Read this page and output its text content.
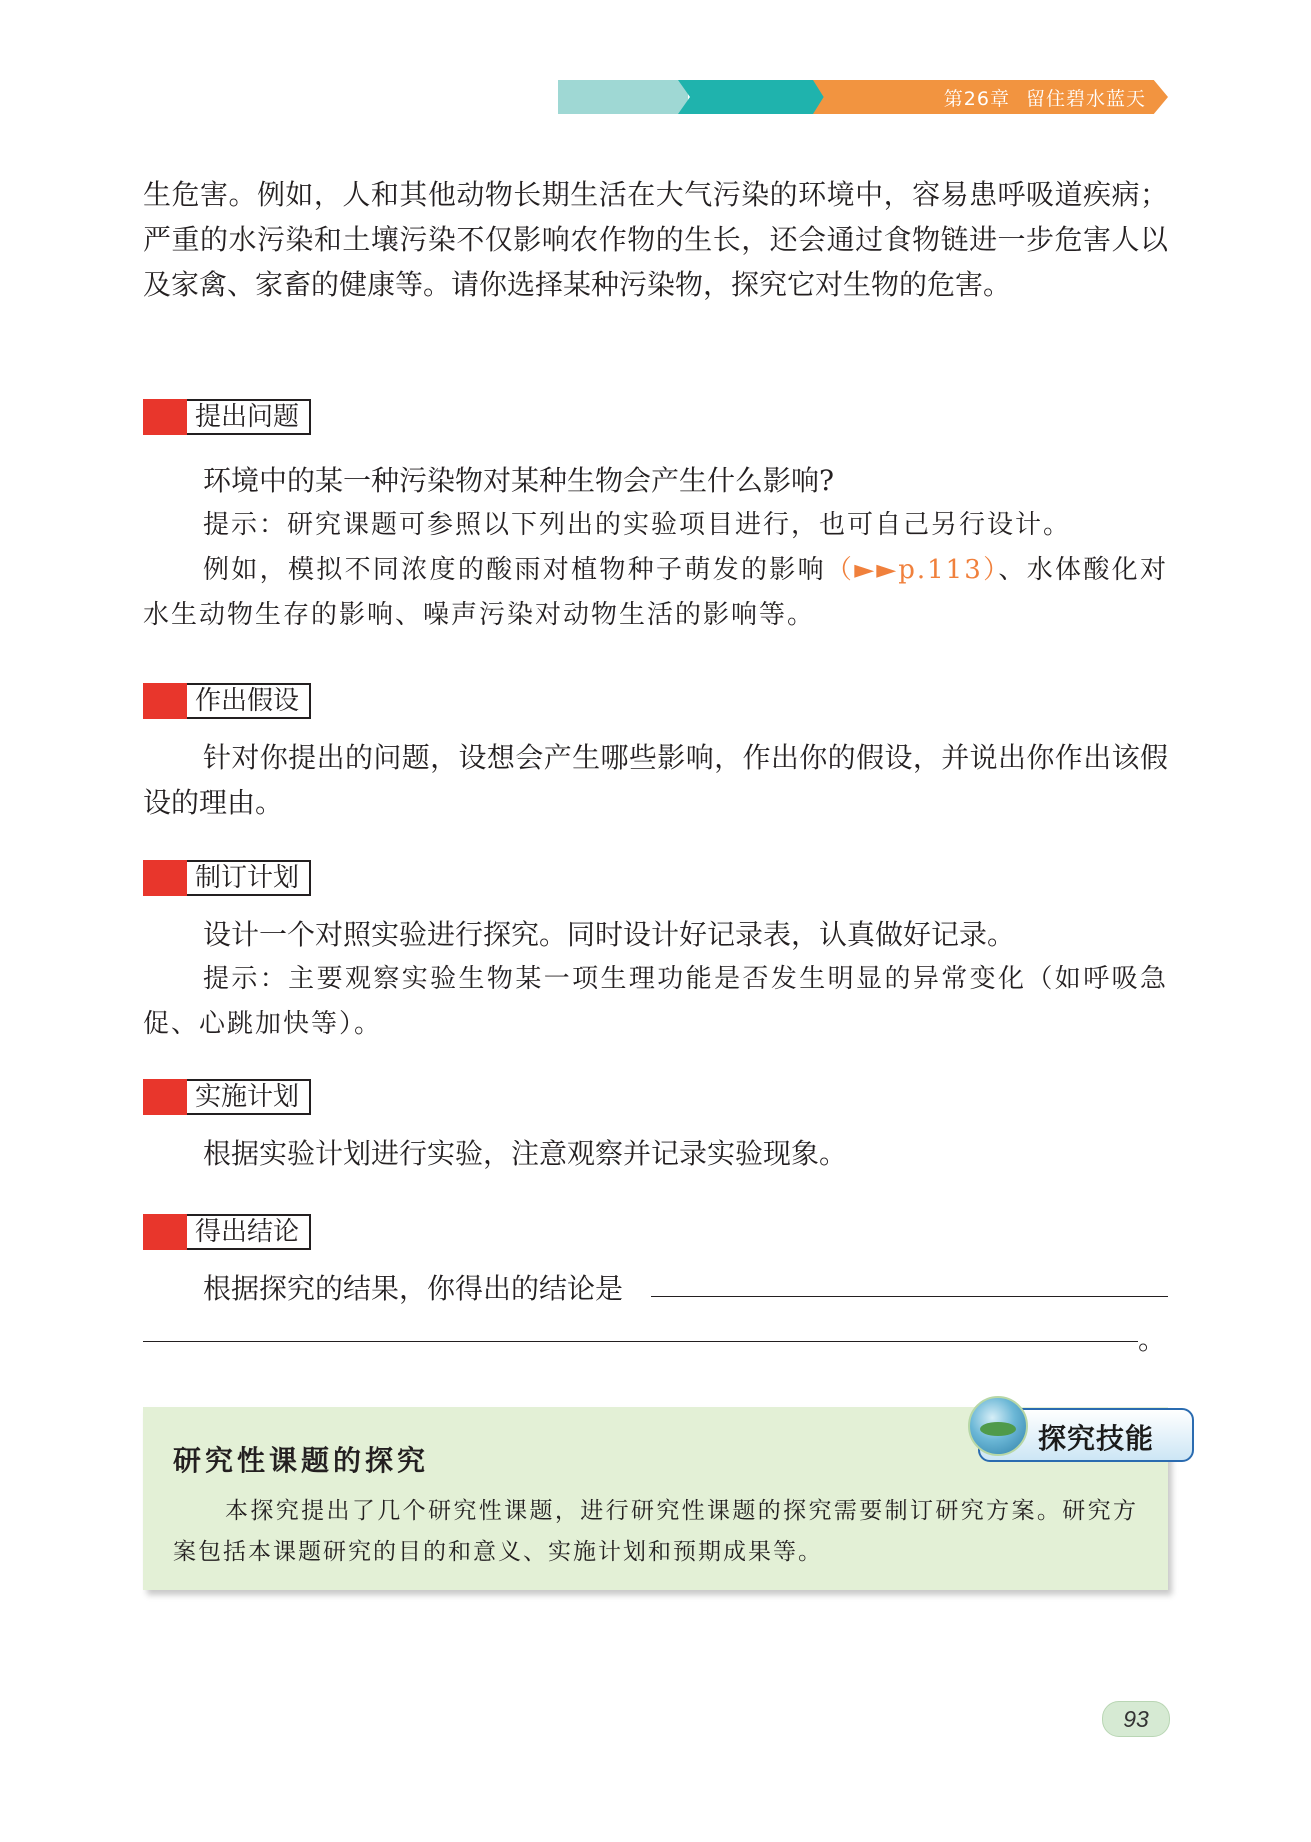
第26章 留住碧水蓝天

生危害。例如，人和其他动物长期生活在大气污染的环境中，容易患呼吸道疾病；严重的水污染和土壤污染不仅影响农作物的生长，还会通过食物链进一步危害人以及家禽、家畜的健康等。请你选择某种污染物，探究它对生物的危害。

提出问题

环境中的某一种污染物对某种生物会产生什么影响?

提示：研究课题可参照以下列出的实验项目进行，也可自己另行设计。

例如，模拟不同浓度的酸雨对植物种子萌发的影响（►►p.113）、水体酸化对水生动物生存的影响、噪声污染对动物生活的影响等。

作出假设

针对你提出的问题，设想会产生哪些影响，作出你的假设，并说出你作出该假设的理由。

制订计划

设计一个对照实验进行探究。同时设计好记录表，认真做好记录。

提示：主要观察实验生物某一项生理功能是否发生明显的异常变化（如呼吸急促、心跳加快等）。

实施计划

根据实验计划进行实验，注意观察并记录实验现象。

得出结论

根据探究的结果，你得出的结论是

。
研究性课题的探究

本探究提出了几个研究性课题，进行研究性课题的探究需要制订研究方案。研究方案包括本课题研究的目的和意义、实施计划和预期成果等。

探究技能
93
